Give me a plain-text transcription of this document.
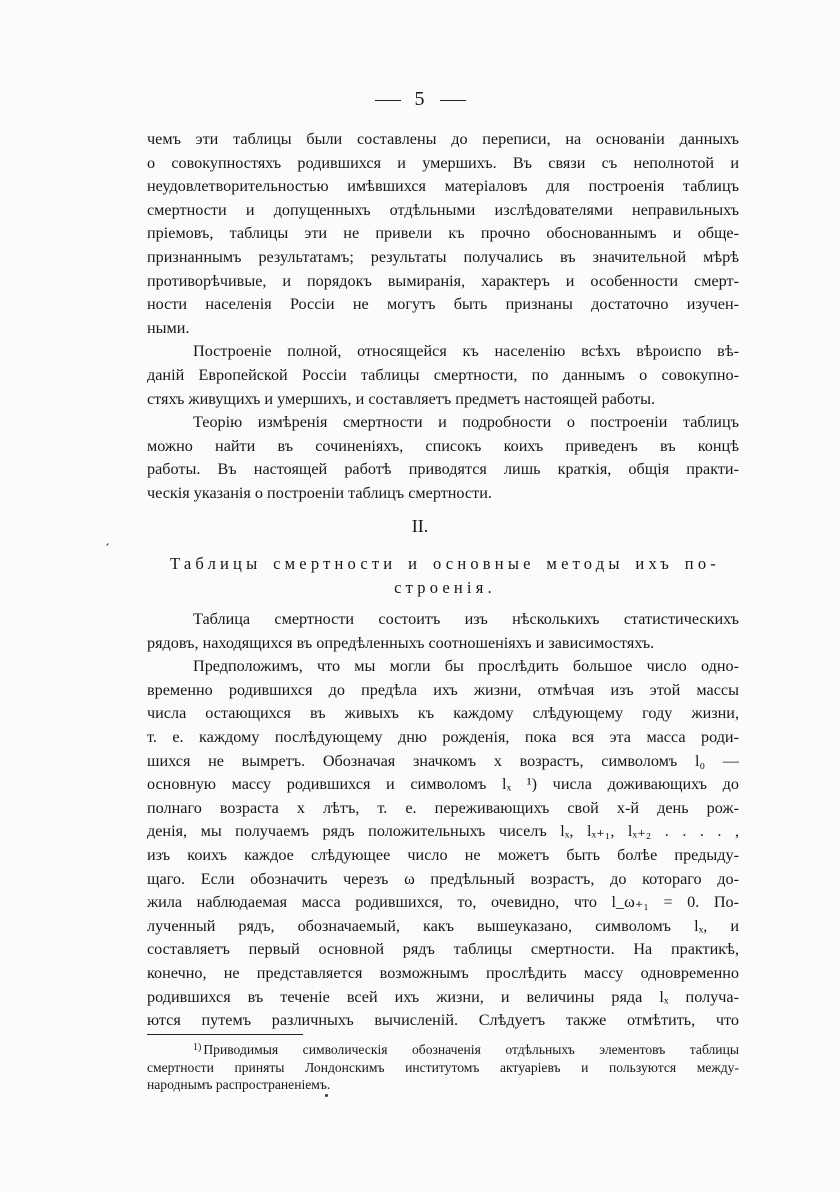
5
чемъ эти таблицы были составлены до переписи, на основаніи данныхъ
о совокупностяхъ родившихся и умершихъ. Въ связи съ неполнотой и
неудовлетворительностью имѣвшихся матеріаловъ для построенія таблицъ
смертности и допущенныхъ отдѣльными изслѣдователями неправильныхъ
пріемовъ, таблицы эти не привели къ прочно обоснованнымъ и обще-
признаннымъ результатамъ; результаты получались въ значительной мѣрѣ
противорѣчивые, и порядокъ вымиранія, характеръ и особенности смерт-
ности населенія Россіи не могутъ быть признаны достаточно изучен-
ными.
Построеніе полной, относящейся къ населенію всѣхъ вѣроиспо вѣ-
даній Европейской Россіи таблицы смертности, по даннымъ о совокупно-
стяхъ живущихъ и умершихъ, и составляетъ предметъ настоящей работы.
Теорію измѣренія смертности и подробности о построеніи таблицъ
можно найти въ сочиненіяхъ, списокъ коихъ приведенъ въ концѣ
работы. Въ настоящей работѣ приводятся лишь краткія, общія практи-
ческія указанія о построеніи таблицъ смертности.
II.
Таблицы смертности и основные методы ихъ по-
строенія.
Таблица смертности состоитъ изъ нѣсколькихъ статистическихъ
рядовъ, находящихся въ опредѣленныхъ соотношеніяхъ и зависимостяхъ.
Предположимъ, что мы могли бы прослѣдить большое число одно-
временно родившихся до предѣла ихъ жизни, отмѣчая изъ этой массы
числа остающихся въ живыхъ къ каждому слѣдующему году жизни,
т. е. каждому послѣдующему дню рожденія, пока вся эта масса роди-
шихся не вымретъ. Обозначая значкомъ x возрастъ, символомъ l₀ —
основную массу родившихся и символомъ lₓ ¹) числа доживающихъ до
полнаго возраста x лѣтъ, т. е. переживающихъ свой x-й день рож-
денія, мы получаемъ рядъ положительныхъ чиселъ lₓ, lₓ₊₁, lₓ₊₂ . . . . ,
изъ коихъ каждое слѣдующее число не можетъ быть болѣе предыду-
щаго. Если обозначить черезъ ω предѣльный возрастъ, до котораго до-
жила наблюдаемая масса родившихся, то, очевидно, что l_ω₊₁ = 0. По-
лученный рядъ, обозначаемый, какъ вышеуказано, символомъ lₓ, и
составляетъ первый основной рядъ таблицы смертности. На практикѣ,
конечно, не представляется возможнымъ прослѣдить массу одновременно
родившихся въ теченіе всей ихъ жизни, и величины ряда lₓ получа-
ются путемъ различныхъ вычисленій. Слѣдуетъ также отмѣтить, что
$^{1)}$ Приводимыя символическія обозначенія отдѣльныхъ элементовъ таблицы
смертности приняты Лондонскимъ институтомъ актуаріевъ и пользуются между-
народнымъ распространеніемъ.
